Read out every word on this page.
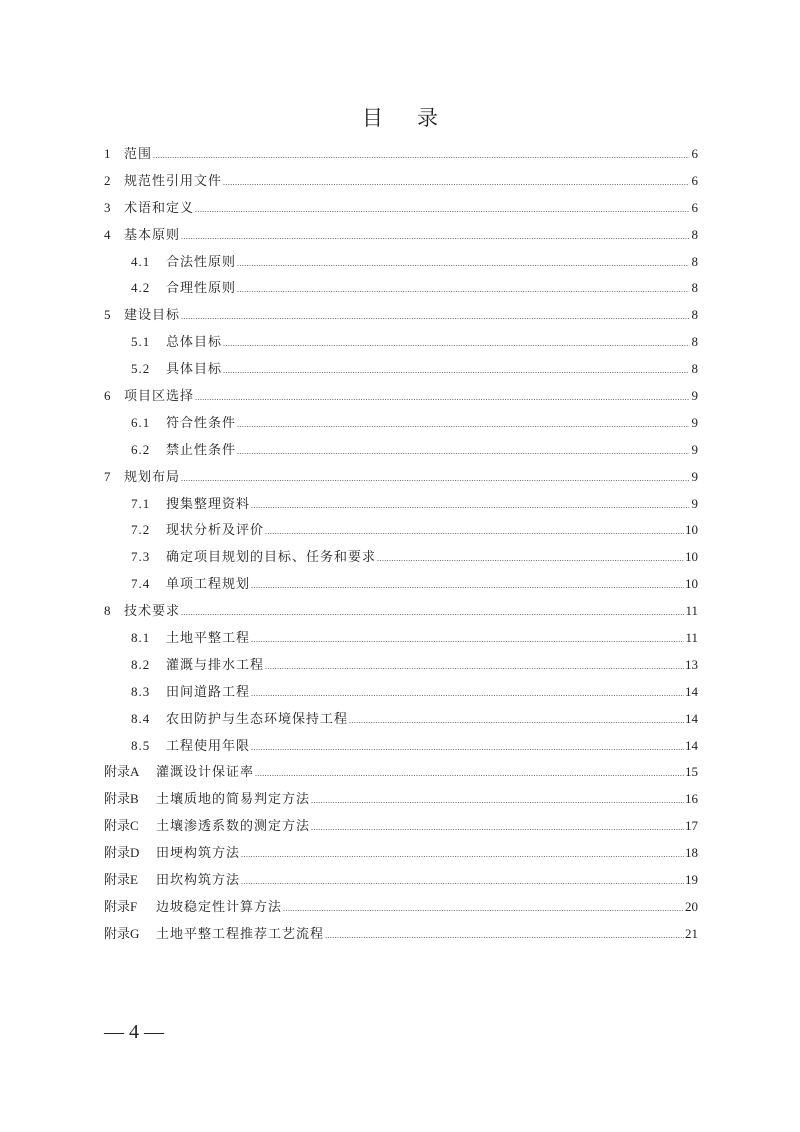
目 录
1	范围 .....	6
2	规范性引用文件 .....	6
3	术语和定义 .....	6
4	基本原则 .....	8
4.1	合法性原则 .....	8
4.2	合理性原则 .....	8
5	建设目标 .....	8
5.1	总体目标 .....	8
5.2	具体目标 .....	8
6	项目区选择 .....	9
6.1	符合性条件 .....	9
6.2	禁止性条件 .....	9
7	规划布局 .....	9
7.1	搜集整理资料 .....	9
7.2	现状分析及评价 .....	10
7.3	确定项目规划的目标、任务和要求 .....	10
7.4	单项工程规划 .....	10
8	技术要求 .....	11
8.1	土地平整工程 .....	11
8.2	灌溉与排水工程 .....	13
8.3	田间道路工程 .....	14
8.4	农田防护与生态环境保持工程 .....	14
8.5	工程使用年限 .....	14
附录A	灌溉设计保证率 .....	15
附录B	土壤质地的简易判定方法 .....	16
附录C	土壤渗透系数的测定方法 .....	17
附录D	田埂构筑方法 .....	18
附录E	田坎构筑方法 .....	19
附录F	边坡稳定性计算方法 .....	20
附录G	土地平整工程推荐工艺流程 .....	21
— 4 —
